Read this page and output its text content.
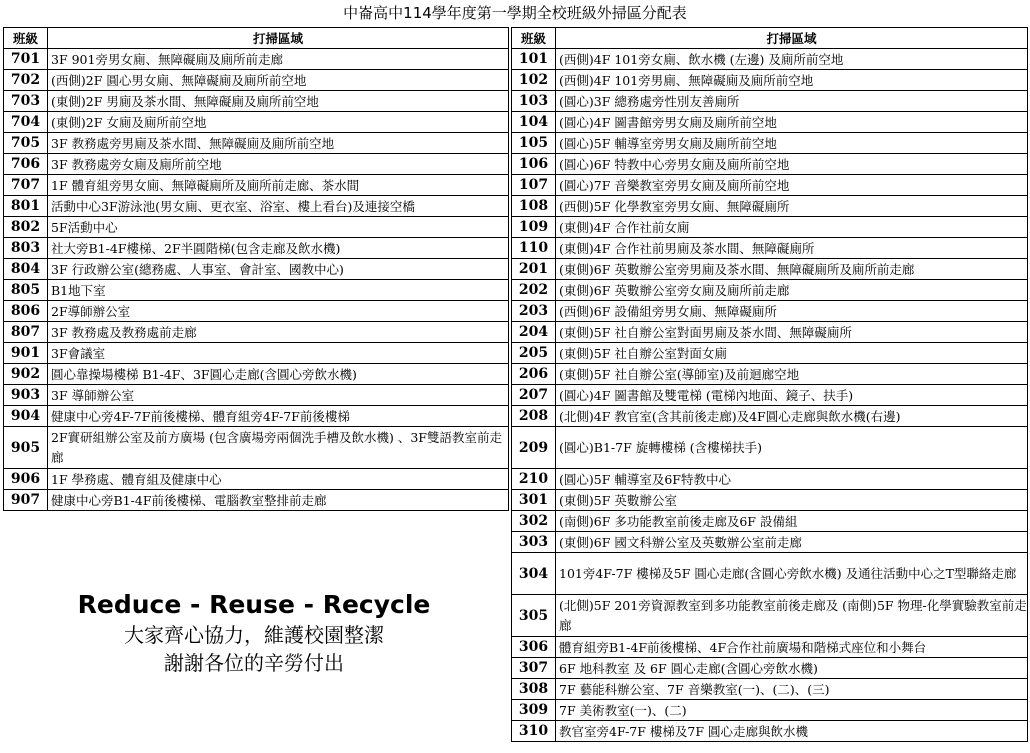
中崙高中114學年度第一學期全校班級外掃區分配表
班級	打掃區域
701	3F 901旁男女廁、無障礙廁及廁所前走廊
702	(西側)2F 圓心男女廁、無障礙廁及廁所前空地
703	(東側)2F 男廁及茶水間、無障礙廁及廁所前空地
704	(東側)2F 女廁及廁所前空地
705	3F 教務處旁男廁及茶水間、無障礙廁及廁所前空地
706	3F 教務處旁女廁及廁所前空地
707	1F 體育組旁男女廁、無障礙廁所及廁所前走廊、茶水間
801	活動中心3F游泳池(男女廁、更衣室、浴室、樓上看台)及連接空橋
802	5F活動中心
803	社大旁B1-4F樓梯、2F半圓階梯(包含走廊及飲水機)
804	3F 行政辦公室(總務處、人事室、會計室、國教中心)
805	B1地下室
806	2F導師辦公室
807	3F 教務處及教務處前走廊
901	3F會議室
902	圓心靠操場樓梯 B1-4F、3F圓心走廊(含圓心旁飲水機)
903	3F 導師辦公室
904	健康中心旁4F-7F前後樓梯、體育組旁4F-7F前後樓梯
905	2F實研組辦公室及前方廣場 (包含廣場旁兩個洗手槽及飲水機) 、3F雙語教室前走廊
906	1F 學務處、體育組及健康中心
907	健康中心旁B1-4F前後樓梯、電腦教室整排前走廊
班級	打掃區域
101	(西側)4F 101旁女廁、飲水機 (左邊) 及廁所前空地
102	(西側)4F 101旁男廁、無障礙廁及廁所前空地
103	(圓心)3F 總務處旁性別友善廁所
104	(圓心)4F 圖書館旁男女廁及廁所前空地
105	(圓心)5F 輔導室旁男女廁及廁所前空地
106	(圓心)6F 特教中心旁男女廁及廁所前空地
107	(圓心)7F 音樂教室旁男女廁及廁所前空地
108	(西側)5F 化學教室旁男女廁、無障礙廁所
109	(東側)4F 合作社前女廁
110	(東側)4F 合作社前男廁及茶水間、無障礙廁所
201	(東側)6F 英數辦公室旁男廁及茶水間、無障礙廁所及廁所前走廊
202	(東側)6F 英數辦公室旁女廁及廁所前走廊
203	(西側)6F 設備組旁男女廁、無障礙廁所
204	(東側)5F 社自辦公室對面男廁及茶水間、無障礙廁所
205	(東側)5F 社自辦公室對面女廁
206	(東側)5F 社自辦公室(導師室)及前迴廊空地
207	(圓心)4F 圖書館及雙電梯 (電梯內地面、鏡子、扶手)
208	(北側)4F 教官室(含其前後走廊)及4F圓心走廊與飲水機(右邊)
209	(圓心)B1-7F 旋轉樓梯 (含樓梯扶手)
210	(圓心)5F 輔導室及6F特教中心
301	(東側)5F 英數辦公室
302	(南側)6F 多功能教室前後走廊及6F 設備組
303	(東側)6F 國文科辦公室及英數辦公室前走廊
304	101旁4F-7F 樓梯及5F 圓心走廊(含圓心旁飲水機) 及通往活動中心之T型聯絡走廊
305	(北側)5F 201旁資源教室到多功能教室前後走廊及 (南側)5F 物理-化學實驗教室前走廊
306	體育組旁B1-4F前後樓梯、4F合作社前廣場和階梯式座位和小舞台
307	6F 地科教室 及 6F 圓心走廊(含圓心旁飲水機)
308	7F 藝能科辦公室、7F 音樂教室(一)、(二)、(三)
309	7F 美術教室(一)、(二)
310	教官室旁4F-7F 樓梯及7F 圓心走廊與飲水機
Reduce - Reuse - Recycle
大家齊心協力，維護校園整潔
謝謝各位的辛勞付出
